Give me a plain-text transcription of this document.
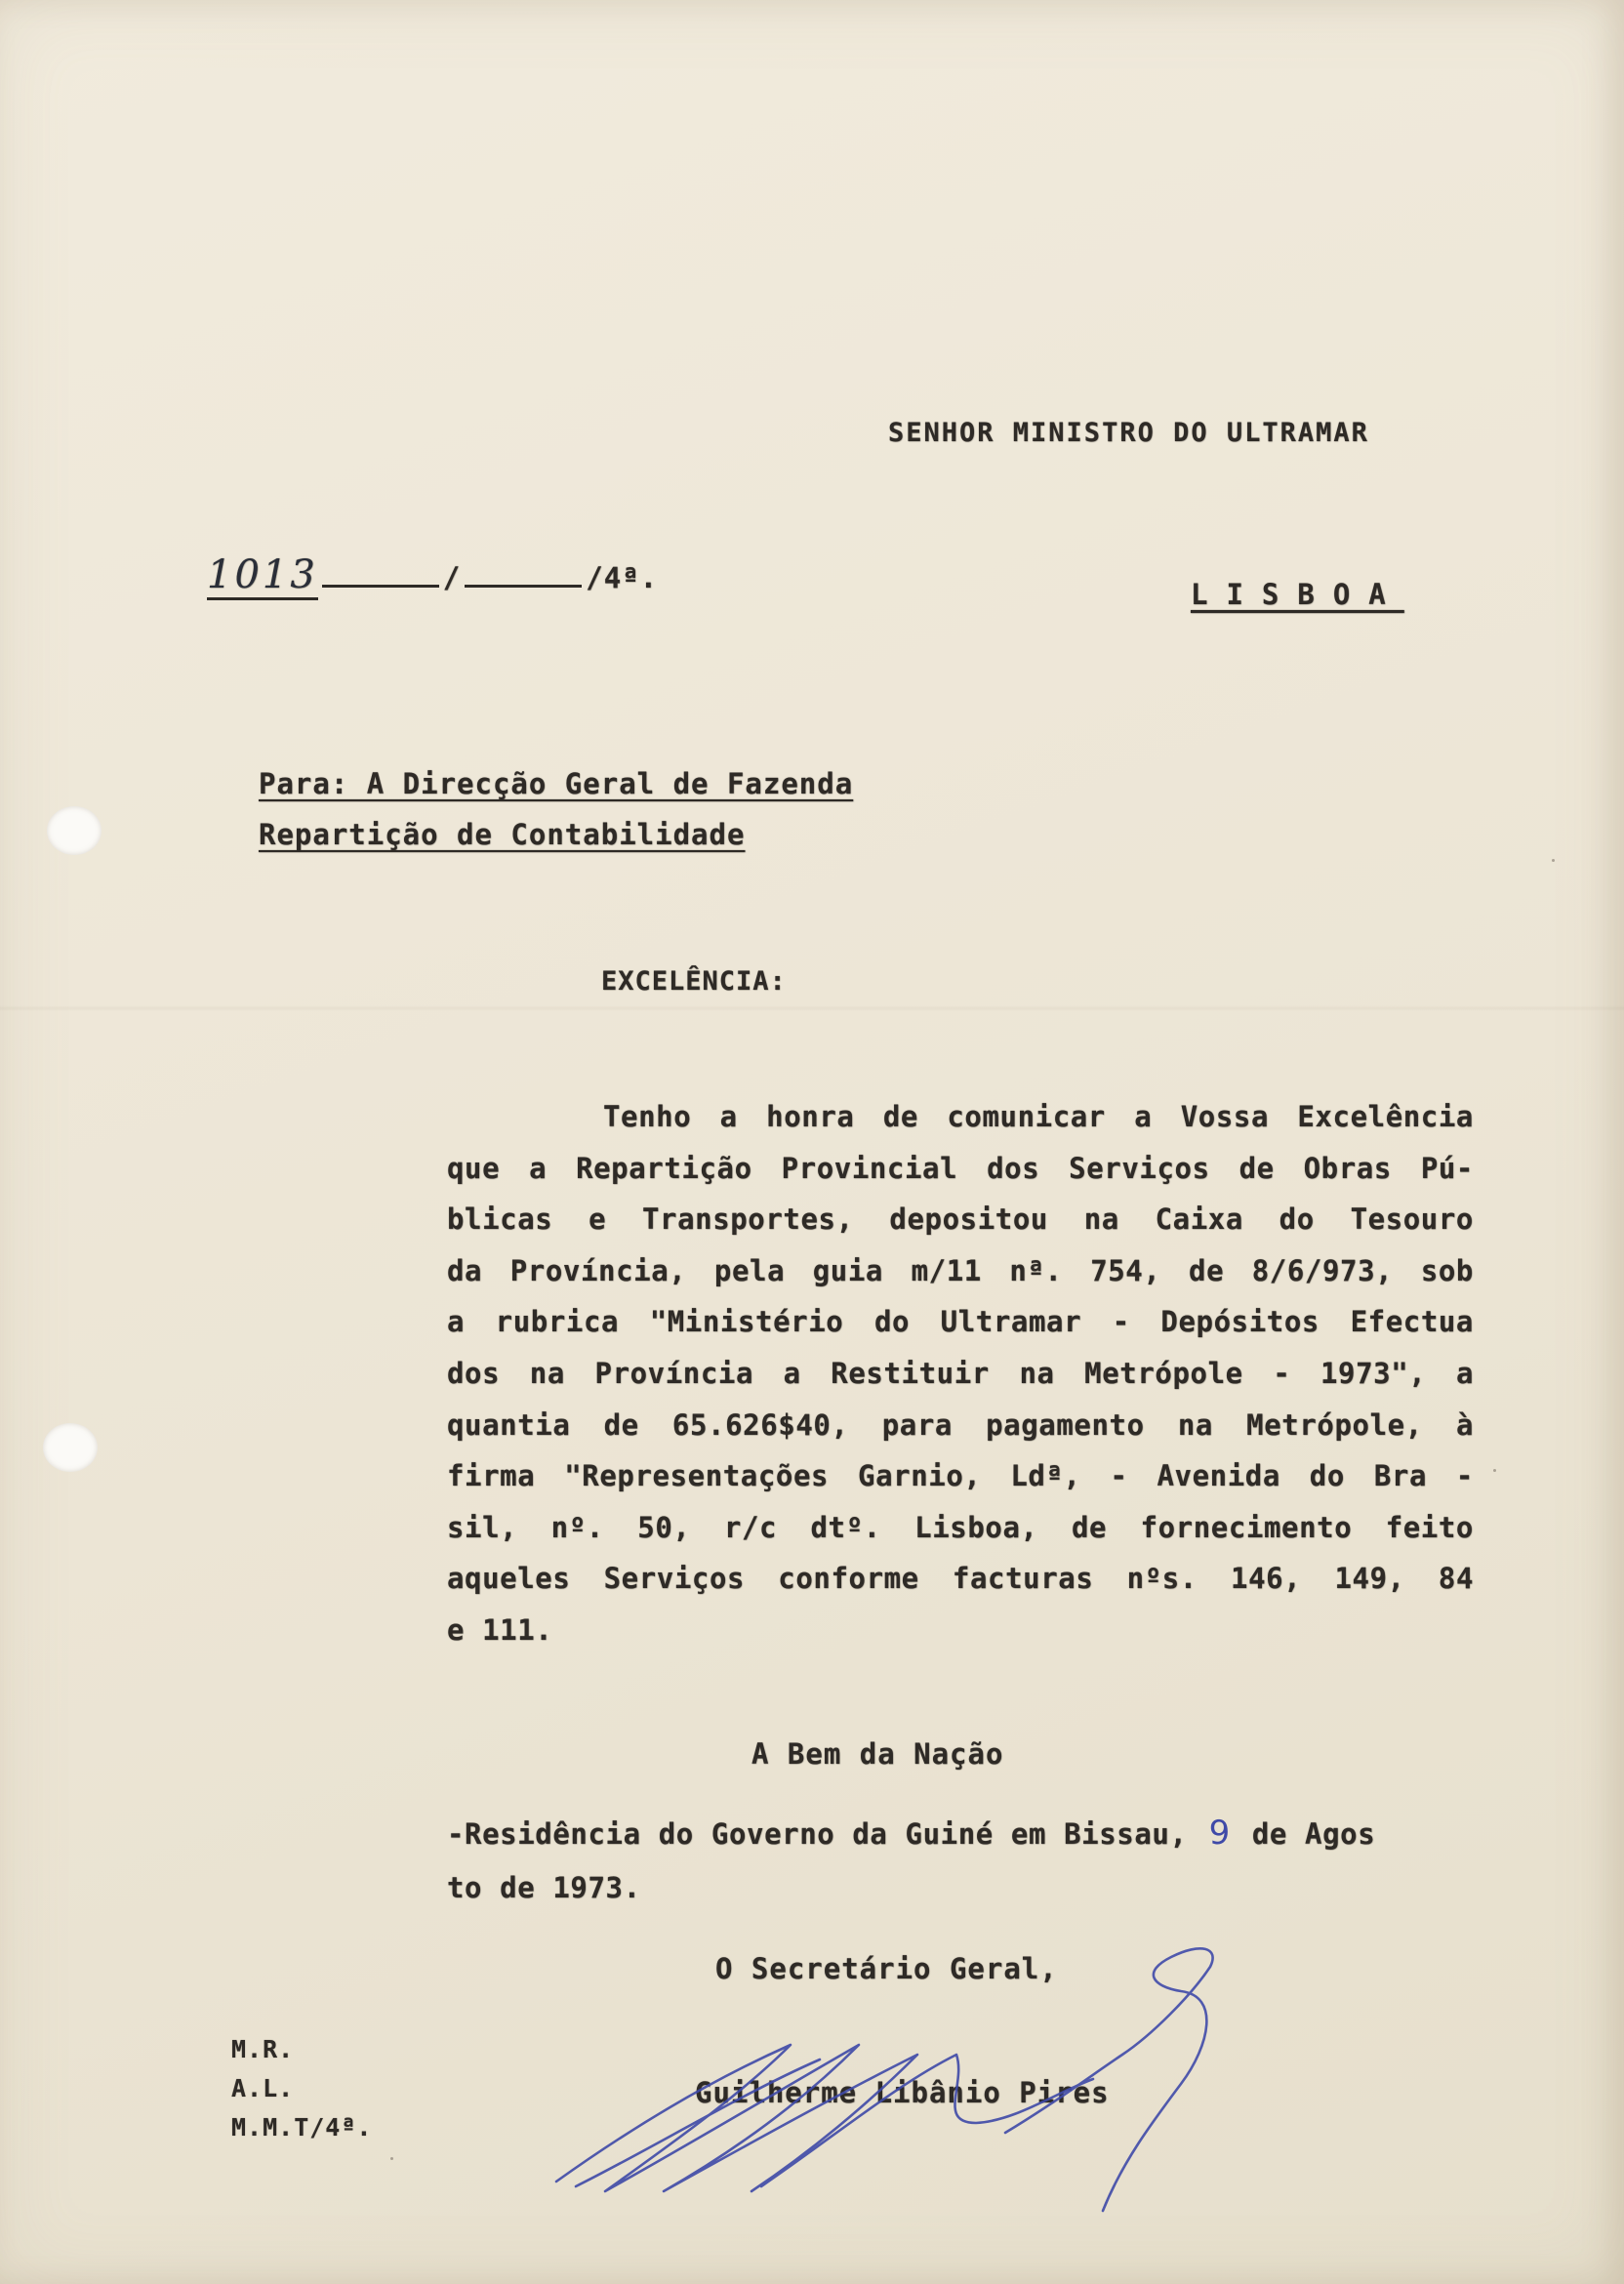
SENHOR MINISTRO DO ULTRAMAR
1013	/	/4ª.	LISBOA
Para: A Direcção Geral de Fazenda
Repartição de Contabilidade
EXCELÊNCIA:
Tenho a honra de comunicar a Vossa Excelência
que a Repartição Provincial dos Serviços de Obras Pú-
blicas e Transportes, depositou na Caixa do Tesouro
da Província, pela guia m/11 nª. 754, de 8/6/973, sob
a rubrica "Ministério do Ultramar - Depósitos Efectua
dos na Província a Restituir na Metrópole - 1973", a
quantia de 65.626$40, para pagamento na Metrópole, à
firma "Representações Garnio, Ldª, - Avenida do Bra -
sil, nº. 50, r/c dtº. Lisboa, de fornecimento feito
aqueles Serviços conforme facturas nºs. 146, 149, 84
e 111.
A Bem da Nação
-Residência do Governo da Guiné em Bissau, 9 de Agos
to de 1973.
O Secretário Geral,
Guilherme Libânio Pires
M.R.
A.L.
M.M.T/4ª.
